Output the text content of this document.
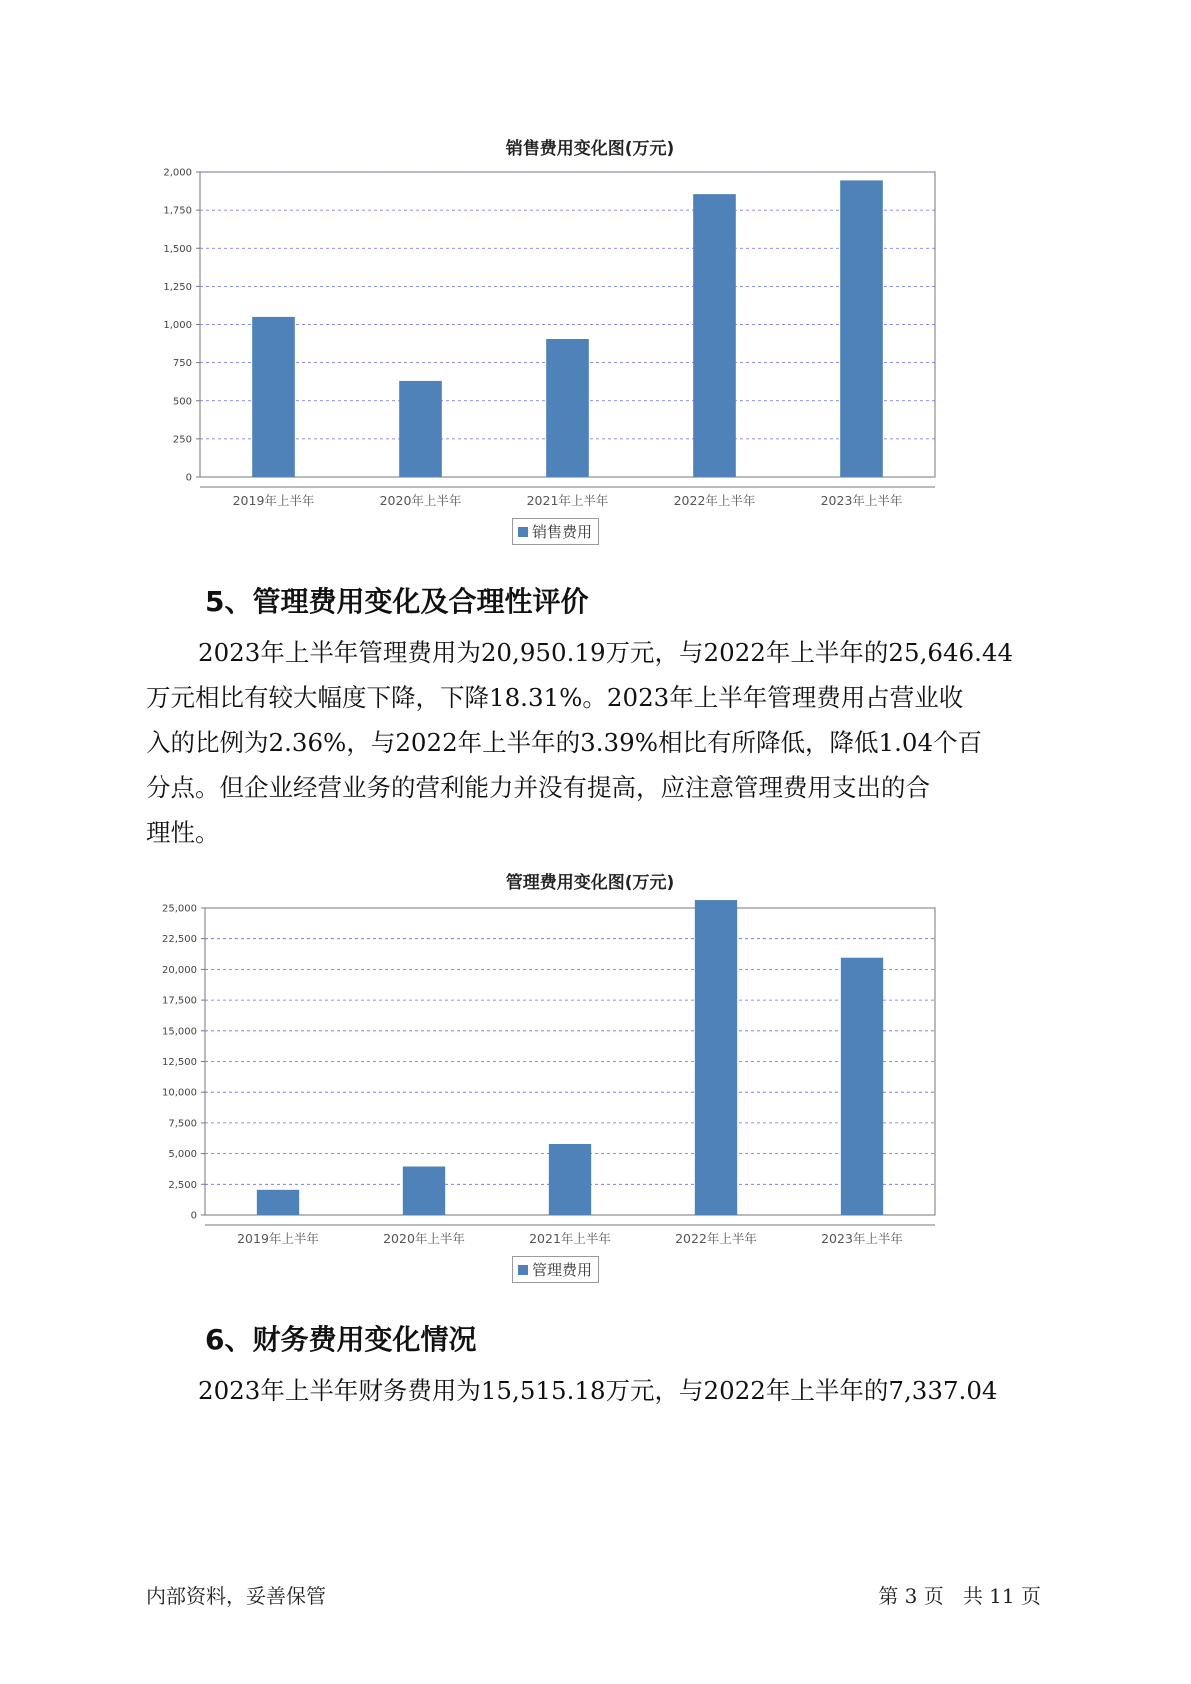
销售费用变化图(万元)
0
250
500
750
1,000
1,250
1,500
1,750
2,000
2019年上半年	2020年上半年	2021年上半年	2022年上半年	2023年上半年
销售费用
5、管理费用变化及合理性评价
2023年上半年管理费用为20,950.19万元，与2022年上半年的25,646.44
万元相比有较大幅度下降，下降18.31%。2023年上半年管理费用占营业收
入的比例为2.36%，与2022年上半年的3.39%相比有所降低，降低1.04个百
分点。但企业经营业务的营利能力并没有提高，应注意管理费用支出的合
理性。
管理费用变化图(万元)
0
2,500
5,000
7,500
10,000
12,500
15,000
17,500
20,000
22,500
25,000
2019年上半年	2020年上半年	2021年上半年	2022年上半年	2023年上半年
管理费用
6、财务费用变化情况
2023年上半年财务费用为15,515.18万元，与2022年上半年的7,337.04
内部资料，妥善保管	第 3 页   共 11 页
